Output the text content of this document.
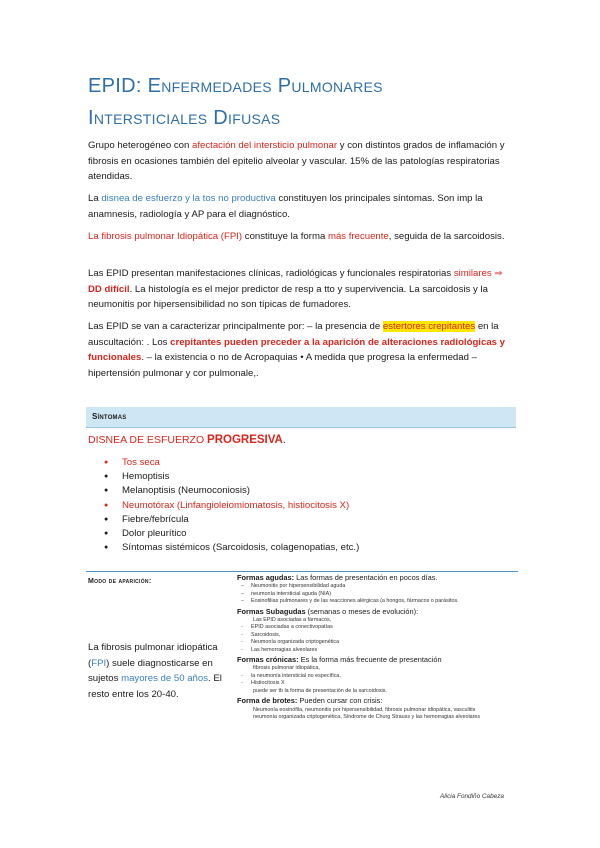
EPID: Enfermedades Pulmonares
Intersticiales Difusas
Grupo heterogéneo con afectación del intersticio pulmonar y con distintos grados de inflamación y fibrosis en ocasiones también del epitelio alveolar y vascular. 15% de las patologías respiratorias atendidas.
La disnea de esfuerzo y la tos no productiva constituyen los principales síntomas. Son imp la anamnesis, radiología y AP para el diagnóstico.
La fibrosis pulmonar Idiopática (FPI) constituye la forma más frecuente, seguida de la sarcoidosis.
Las EPID presentan manifestaciones clínicas, radiológicas y funcionales respiratorias similares ⇒ DD difícil. La histología es el mejor predictor de resp a tto y supervivencia. La sarcoidosis y la neumonitis por hipersensibilidad no son típicas de fumadores.
Las EPID se van a caracterizar principalmente por: – la presencia de estertores crepitantes en la auscultación: . Los crepitantes pueden preceder a la aparición de alteraciones radiológicas y funcionales. – la existencia o no de Acropaquias • A medida que progresa la enfermedad – hipertensión pulmonar y cor pulmonale,.
Síntomas
DISNEA DE ESFUERZO PROGRESIVA.
● Tos seca
● Hemoptisis
● Melanoptisis (Neumoconiosis)
● Neumotórax (Linfangioleiomiomatosis, histiocitosis X)
● Fiebre/febrícula
● Dolor pleurítico
● Síntomas sistémicos (Sarcoidosis, colagenopatias, etc.)
Modo de aparición:
La fibrosis pulmonar idiopática (FPI) suele diagnosticarse en sujetos mayores de 50 años. El resto entre los 20-40.
Formas agudas: Las formas de presentación en pocos días.
– Neumonitis por hipersensibilidad aguda
– neumonía intersticial aguda (NIA)
– Eosinofilias pulmonares y de las reacciones alérgicas (a hongos, fármacos o parásitos.
Formas Subagudas (semanas o meses de evolución):
Las EPID asociadas a fármacos,
- EPID asociadas a conectivopatías
- Sarcoidosis,
- Neumonía organizada criptogenética
- Las hemorragias alveolares
Formas crónicas: Es la forma más frecuente de presentación
fibrosis pulmonar idiopática,
- la neumonía intersticial no específica,
- Histiocitosis X
puede ser tb la forma de presentación de la sarcoidosis.
Forma de brotes: Pueden cursar con crisis:
Neumonía eosinófila, neumonitis por hipersensibilidad, fibrosis pulmonar idiopática, vasculitis
neumonía organizada criptogenética, Síndrome de Churg Strauss y las hemorragias alveolares
Alicia Fondiño Cabeza
